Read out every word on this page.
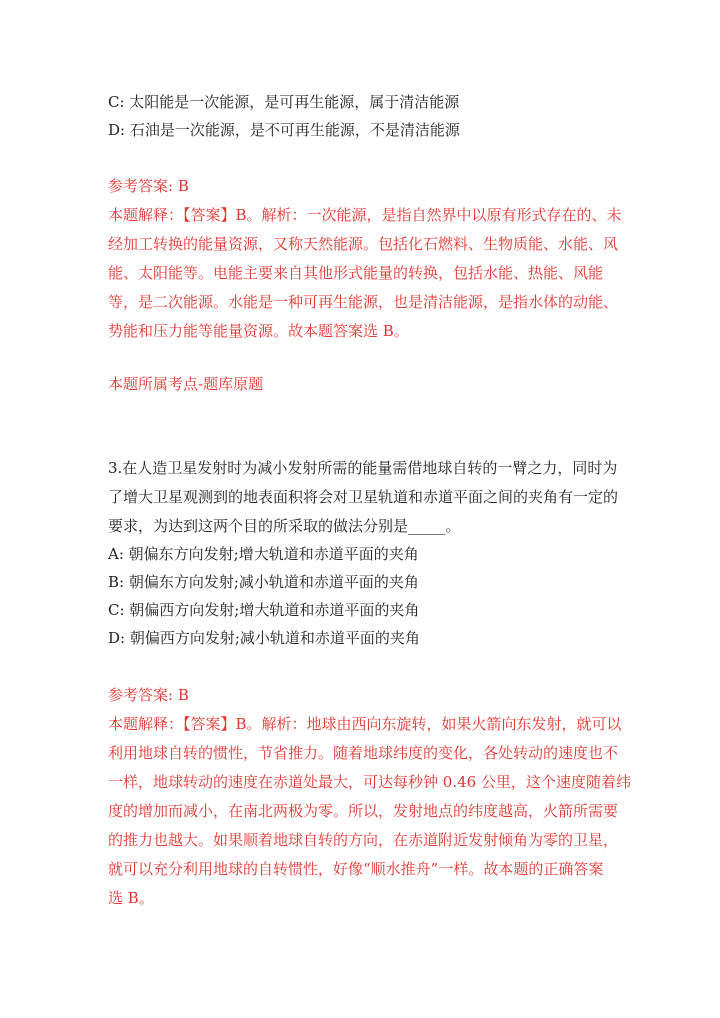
C: 太阳能是一次能源，是可再生能源，属于清洁能源
D: 石油是一次能源，是不可再生能源，不是清洁能源
参考答案: B
本题解释：【答案】B。解析：一次能源，是指自然界中以原有形式存在的、未
经加工转换的能量资源，又称天然能源。包括化石燃料、生物质能、水能、风
能、太阳能等。电能主要来自其他形式能量的转换，包括水能、热能、风能
等，是二次能源。水能是一种可再生能源，也是清洁能源，是指水体的动能、
势能和压力能等能量资源。故本题答案选 B。
本题所属考点-题库原题
3.在人造卫星发射时为减小发射所需的能量需借地球自转的一臂之力，同时为
了增大卫星观测到的地表面积将会对卫星轨道和赤道平面之间的夹角有一定的
要求，为达到这两个目的所采取的做法分别是_____。
A: 朝偏东方向发射;增大轨道和赤道平面的夹角
B: 朝偏东方向发射;减小轨道和赤道平面的夹角
C: 朝偏西方向发射;增大轨道和赤道平面的夹角
D: 朝偏西方向发射;减小轨道和赤道平面的夹角
参考答案: B
本题解释：【答案】B。解析：地球由西向东旋转，如果火箭向东发射，就可以
利用地球自转的惯性，节省推力。随着地球纬度的变化，各处转动的速度也不
一样，地球转动的速度在赤道处最大，可达每秒钟 0.46 公里，这个速度随着纬
度的增加而减小，在南北两极为零。所以，发射地点的纬度越高，火箭所需要
的推力也越大。如果顺着地球自转的方向，在赤道附近发射倾角为零的卫星，
就可以充分利用地球的自转惯性，好像“顺水推舟”一样。故本题的正确答案
选 B。
